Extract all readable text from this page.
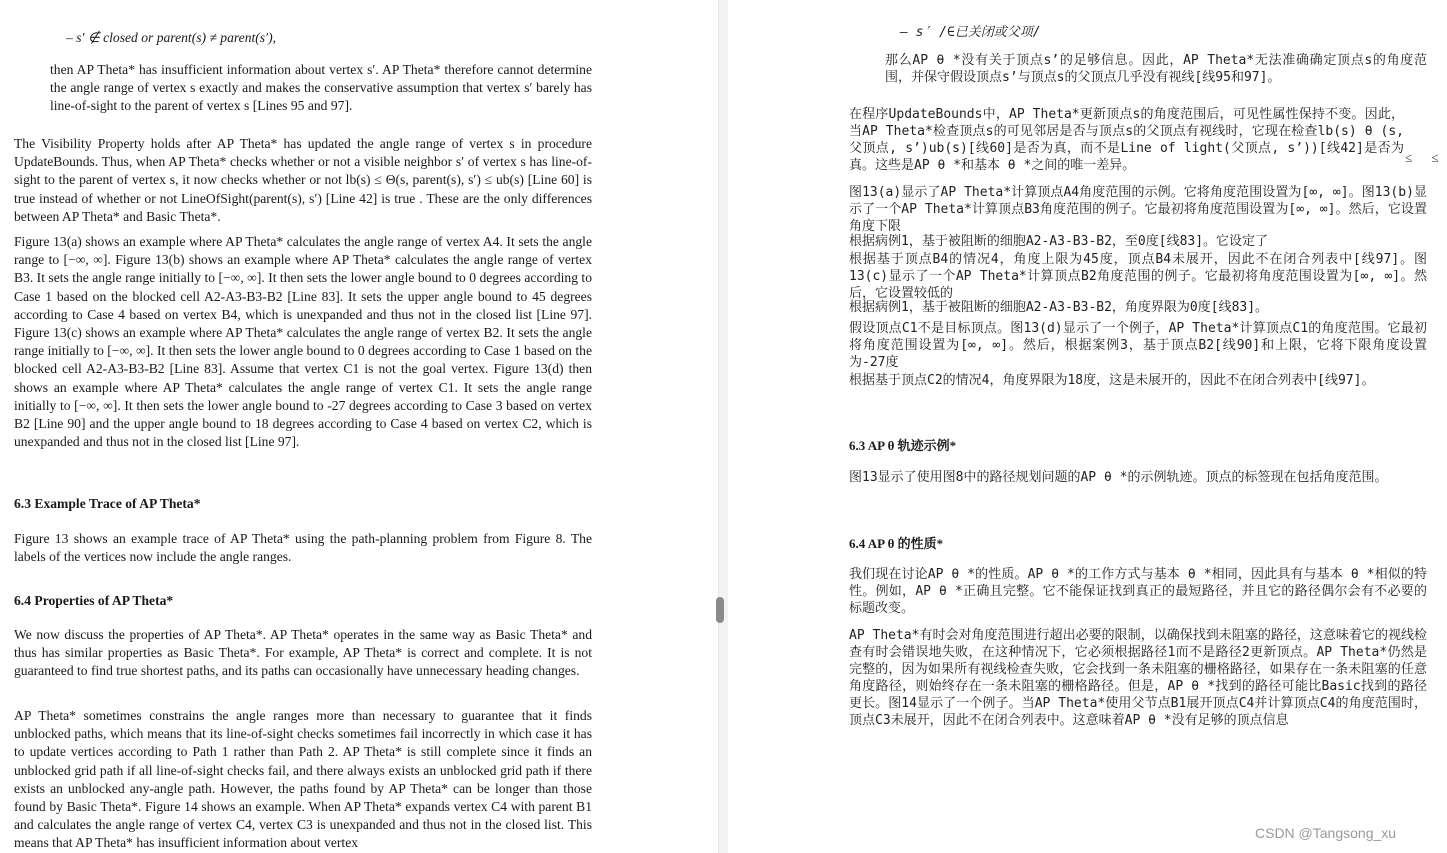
– s′ ∉ closed or parent(s) ≠ parent(s′),
then AP Theta* has insufficient information about vertex s′. AP Theta* therefore cannot determine the angle range of vertex s exactly and makes the conservative assumption that vertex s′ barely has line-of-sight to the parent of vertex s [Lines 95 and 97].
The Visibility Property holds after AP Theta* has updated the angle range of vertex s in procedure UpdateBounds. Thus, when AP Theta* checks whether or not a visible neighbor s′ of vertex s has line-of-sight to the parent of vertex s, it now checks whether or not lb(s) ≤ Θ(s, parent(s), s′) ≤ ub(s) [Line 60] is true instead of whether or not LineOfSight(parent(s), s′) [Line 42] is true . These are the only differences between AP Theta* and Basic Theta*.
Figure 13(a) shows an example where AP Theta* calculates the angle range of vertex A4. It sets the angle range to [−∞, ∞]. Figure 13(b) shows an example where AP Theta* calculates the angle range of vertex B3. It sets the angle range initially to [−∞, ∞]. It then sets the lower angle bound to 0 degrees according to Case 1 based on the blocked cell A2-A3-B3-B2 [Line 83]. It sets the upper angle bound to 45 degrees according to Case 4 based on vertex B4, which is unexpanded and thus not in the closed list [Line 97]. Figure 13(c) shows an example where AP Theta* calculates the angle range of vertex B2. It sets the angle range initially to [−∞, ∞]. It then sets the lower angle bound to 0 degrees according to Case 1 based on the blocked cell A2-A3-B3-B2 [Line 83]. Assume that vertex C1 is not the goal vertex. Figure 13(d) then shows an example where AP Theta* calculates the angle range of vertex C1. It sets the angle range initially to [−∞, ∞]. It then sets the lower angle bound to -27 degrees according to Case 3 based on vertex B2 [Line 90] and the upper angle bound to 18 degrees according to Case 4 based on vertex C2, which is unexpanded and thus not in the closed list [Line 97].
6.3 Example Trace of AP Theta*
Figure 13 shows an example trace of AP Theta* using the path-planning problem from Figure 8. The labels of the vertices now include the angle ranges.
6.4 Properties of AP Theta*
We now discuss the properties of AP Theta*. AP Theta* operates in the same way as Basic Theta* and thus has similar properties as Basic Theta*. For example, AP Theta* is correct and complete. It is not guaranteed to find true shortest paths, and its paths can occasionally have unnecessary heading changes.
AP Theta* sometimes constrains the angle ranges more than necessary to guarantee that it finds unblocked paths, which means that its line-of-sight checks sometimes fail incorrectly in which case it has to update vertices according to Path 1 rather than Path 2. AP Theta* is still complete since it finds an unblocked grid path if all line-of-sight checks fail, and there always exists an unblocked grid path if there exists an unblocked any-angle path. However, the paths found by AP Theta* can be longer than those found by Basic Theta*. Figure 14 shows an example. When AP Theta* expands vertex C4 with parent B1 and calculates the angle range of vertex C4, vertex C3 is unexpanded and thus not in the closed list. This means that AP Theta* has insufficient information about vertex
– s′ /∈已关闭或父项/
那么AP θ *没有关于顶点s’的足够信息。因此，AP Theta*无法准确确定顶点s的角度范围，并保守假设顶点s’与顶点s的父顶点几乎没有视线[线95和97]。
在程序UpdateBounds中，AP Theta*更新顶点s的角度范围后，可见性属性保持不变。因此，当AP Theta*检查顶点s的可见邻居是否与顶点s的父顶点有视线时，它现在检查lb(s) θ (s, 父顶点, s’)ub(s)[线60]是否为真，而不是Line of light(父顶点, s’))[线42]是否为真。这些是AP θ *和基本 θ *之间的唯一差异。
图13(a)显示了AP Theta*计算顶点A4角度范围的示例。它将角度范围设置为[∞, ∞]。图13(b)显示了一个AP Theta*计算顶点B3角度范围的例子。它最初将角度范围设置为[∞, ∞]。然后，它设置角度下限
根据病例1，基于被阻断的细胞A2-A3-B3-B2，至0度[线83]。它设定了
根据基于顶点B4的情况4，角度上限为45度，顶点B4未展开，因此不在闭合列表中[线97]。图13(c)显示了一个AP Theta*计算顶点B2角度范围的例子。它最初将角度范围设置为[∞, ∞]。然后，它设置较低的
根据病例1，基于被阻断的细胞A2-A3-B3-B2，角度界限为0度[线83]。
假设顶点C1不是目标顶点。图13(d)显示了一个例子，AP Theta*计算顶点C1的角度范围。它最初将角度范围设置为[∞, ∞]。然后，根据案例3，基于顶点B2[线90]和上限，它将下限角度设置为-27度
根据基于顶点C2的情况4，角度界限为18度，这是未展开的，因此不在闭合列表中[线97]。
6.3 AP θ 轨迹示例*
图13显示了使用图8中的路径规划问题的AP θ *的示例轨迹。顶点的标签现在包括角度范围。
6.4 AP θ 的性质*
我们现在讨论AP θ *的性质。AP θ *的工作方式与基本 θ *相同，因此具有与基本 θ *相似的特性。例如，AP θ *正确且完整。它不能保证找到真正的最短路径，并且它的路径偶尔会有不必要的标题改变。
AP Theta*有时会对角度范围进行超出必要的限制，以确保找到未阻塞的路径，这意味着它的视线检查有时会错误地失败，在这种情况下，它必须根据路径1而不是路径2更新顶点。AP Theta*仍然是完整的，因为如果所有视线检查失败，它会找到一条未阻塞的栅格路径，如果存在一条未阻塞的任意角度路径，则始终存在一条未阻塞的栅格路径。但是，AP θ *找到的路径可能比Basic找到的路径更长。图14显示了一个例子。当AP Theta*使用父节点B1展开顶点C4并计算顶点C4的角度范围时，顶点C3未展开，因此不在闭合列表中。这意味着AP θ *没有足够的顶点信息
≤ ≤
CSDN @Tangsong_xu
